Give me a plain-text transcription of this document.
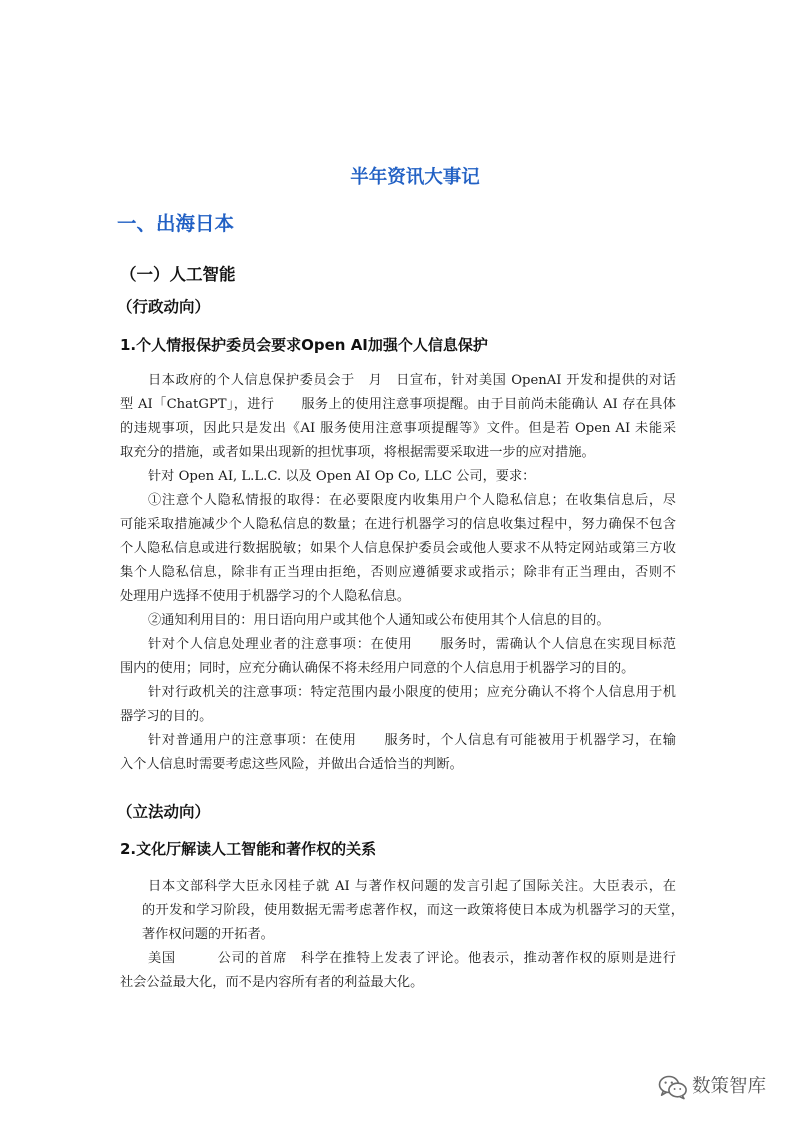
半年资讯大事记
一、出海日本
（一）人工智能
（行政动向）
1.个人情报保护委员会要求Open AI加强个人信息保护
日本政府的个人信息保护委员会于　月　日宣布，针对美国 OpenAI 开发和提供的对话
型 AI「ChatGPT」，进行　　服务上的使用注意事项提醒。由于目前尚未能确认 AI 存在具体
的违规事项，因此只是发出《AI 服务使用注意事项提醒等》文件。但是若 Open AI 未能采
取充分的措施，或者如果出现新的担忧事项，将根据需要采取进一步的应对措施。
针对 Open AI, L.L.C. 以及 Open AI Op Co, LLC 公司，要求：
①注意个人隐私情报的取得：在必要限度内收集用户个人隐私信息；在收集信息后，尽
可能采取措施减少个人隐私信息的数量；在进行机器学习的信息收集过程中，努力确保不包含
个人隐私信息或进行数据脱敏；如果个人信息保护委员会或他人要求不从特定网站或第三方收
集个人隐私信息，除非有正当理由拒绝，否则应遵循要求或指示；除非有正当理由，否则不
处理用户选择不使用于机器学习的个人隐私信息。
②通知利用目的：用日语向用户或其他个人通知或公布使用其个人信息的目的。
针对个人信息处理业者的注意事项：在使用　　服务时，需确认个人信息在实现目标范
围内的使用；同时，应充分确认确保不将未经用户同意的个人信息用于机器学习的目的。
针对行政机关的注意事项：特定范围内最小限度的使用；应充分确认不将个人信息用于机
器学习的目的。
针对普通用户的注意事项：在使用　　服务时，个人信息有可能被用于机器学习，在输
入个人信息时需要考虑这些风险，并做出合适恰当的判断。
（立法动向）
2.文化厅解读人工智能和著作权的关系
日本文部科学大臣永冈桂子就 AI 与著作权问题的发言引起了国际关注。大臣表示，在
的开发和学习阶段，使用数据无需考虑著作权，而这一政策将使日本成为机器学习的天堂，
著作权问题的开拓者。
美国　　　公司的首席　科学在推特上发表了评论。他表示，推动著作权的原则是进行
社会公益最大化，而不是内容所有者的利益最大化。
数策智库
